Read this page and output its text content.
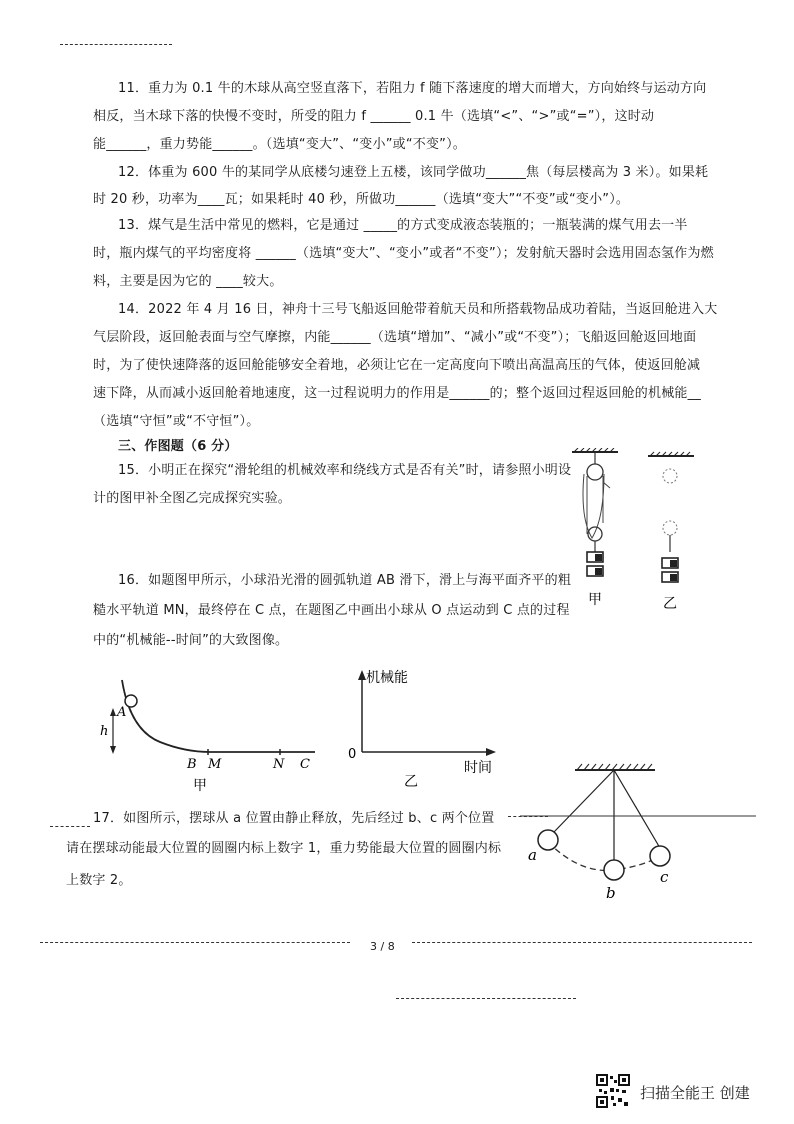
11．重力为 0.1 牛的木球从高空竖直落下，若阻力 f 随下落速度的增大而增大，方向始终与运动方向
相反，当木球下落的快慢不变时，所受的阻力 f ______ 0.1 牛（选填“<”、“>”或“=”），这时动
能______，重力势能______。（选填“变大”、“变小”或“不变”）。
12．体重为 600 牛的某同学从底楼匀速登上五楼，该同学做功______焦（每层楼高为 3 米）。如果耗
时 20 秒，功率为____瓦；如果耗时 40 秒，所做功______（选填“变大”“不变”或“变小”）。
13．煤气是生活中常见的燃料，它是通过 _____的方式变成液态装瓶的；一瓶装满的煤气用去一半
时，瓶内煤气的平均密度将 ______（选填“变大”、“变小”或者“不变”）；发射航天器时会选用固态氢作为燃
料，主要是因为它的 ____较大。
14．2022 年 4 月 16 日，神舟十三号飞船返回舱带着航天员和所搭载物品成功着陆，当返回舱进入大
气层阶段，返回舱表面与空气摩擦，内能______（选填“增加”、“减小”或“不变”）；飞船返回舱返回地面
时，为了使快速降落的返回舱能够安全着地，必须让它在一定高度向下喷出高温高压的气体，使返回舱减
速下降，从而减小返回舱着地速度，这一过程说明力的作用是______的；整个返回过程返回舱的机械能__
（选填“守恒”或“不守恒”）。
三、作图题（6 分）
15．小明正在探究“滑轮组的机械效率和绕线方式是否有关”时，请参照小明设
计的图甲补全图乙完成探究实验。
甲	乙
16．如题图甲所示，小球沿光滑的圆弧轨道 AB 滑下，滑上与海平面齐平的粗
糙水平轨道 MN，最终停在 C 点，在题图乙中画出小球从 O 点运动到 C 点的过程
中的“机械能--时间”的大致图像。
A
h
B M	N C
甲
机械能
0
时间
乙
17．如图所示，摆球从 a 位置由静止释放，先后经过 b、c 两个位置
请在摆球动能最大位置的圆圈内标上数字 1，重力势能最大位置的圆圈内标
上数字 2。
a
b
c
3 / 8
扫描全能王 创建
